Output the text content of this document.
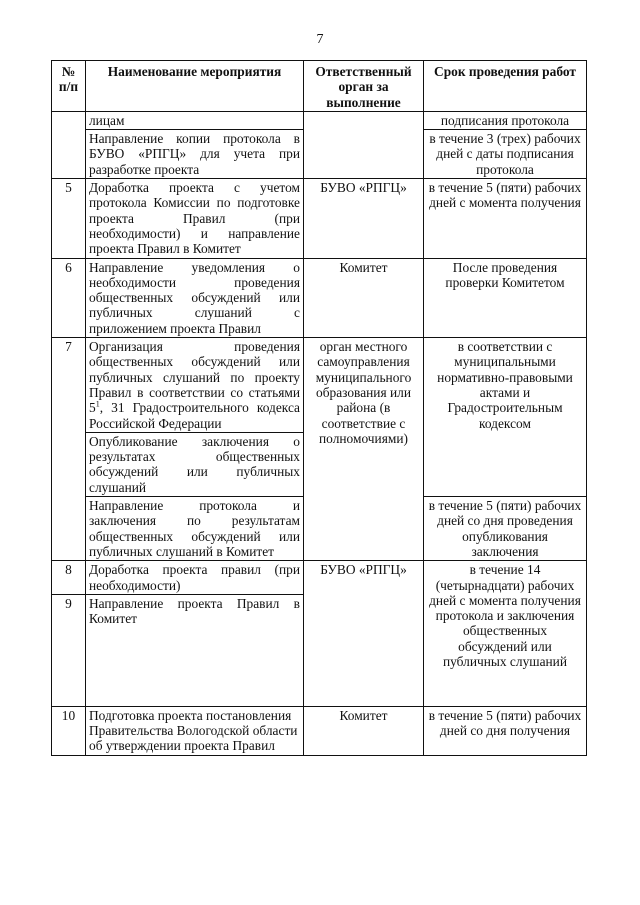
7
№ п/п	Наименование мероприятия	Ответственный орган за выполнение	Срок проведения работ
	лицам		подписания протокола
	Направление копии протокола в БУВО «РПГЦ» для учета при разработке проекта		в течение 3 (трех) рабочих дней с даты подписания протокола
5	Доработка проекта с учетом протокола Комиссии по подготовке проекта Правил (при необходимости) и направление проекта Правил в Комитет	БУВО «РПГЦ»	в течение 5 (пяти) рабочих дней с момента получения
6	Направление уведомления о необходимости проведения общественных обсуждений или публичных слушаний с приложением проекта Правил	Комитет	После проведения проверки Комитетом
7	Организация проведения общественных обсуждений или публичных слушаний по проекту Правил в соответствии со статьями $5^1$, 31 Градостроительного кодекса Российской Федерации	орган местного самоуправления муниципального образования или района (в соответствие с полномочиями)	в соответствии с муниципальными нормативно-правовыми актами и Градостроительным кодексом
	Опубликование заключения о результатах общественных обсуждений или публичных слушаний		
	Направление протокола и заключения по результатам общественных обсуждений или публичных слушаний в Комитет		в течение 5 (пяти) рабочих дней со дня проведения опубликования заключения
8	Доработка проекта правил (при необходимости)	БУВО «РПГЦ»	в течение 14 (четырнадцати) рабочих дней с момента получения протокола и заключения общественных обсуждений или публичных слушаний
9	Направление проекта Правил в Комитет		
10	Подготовка проекта постановления Правительства Вологодской области об утверждении проекта Правил	Комитет	в течение 5 (пяти) рабочих дней со дня получения
